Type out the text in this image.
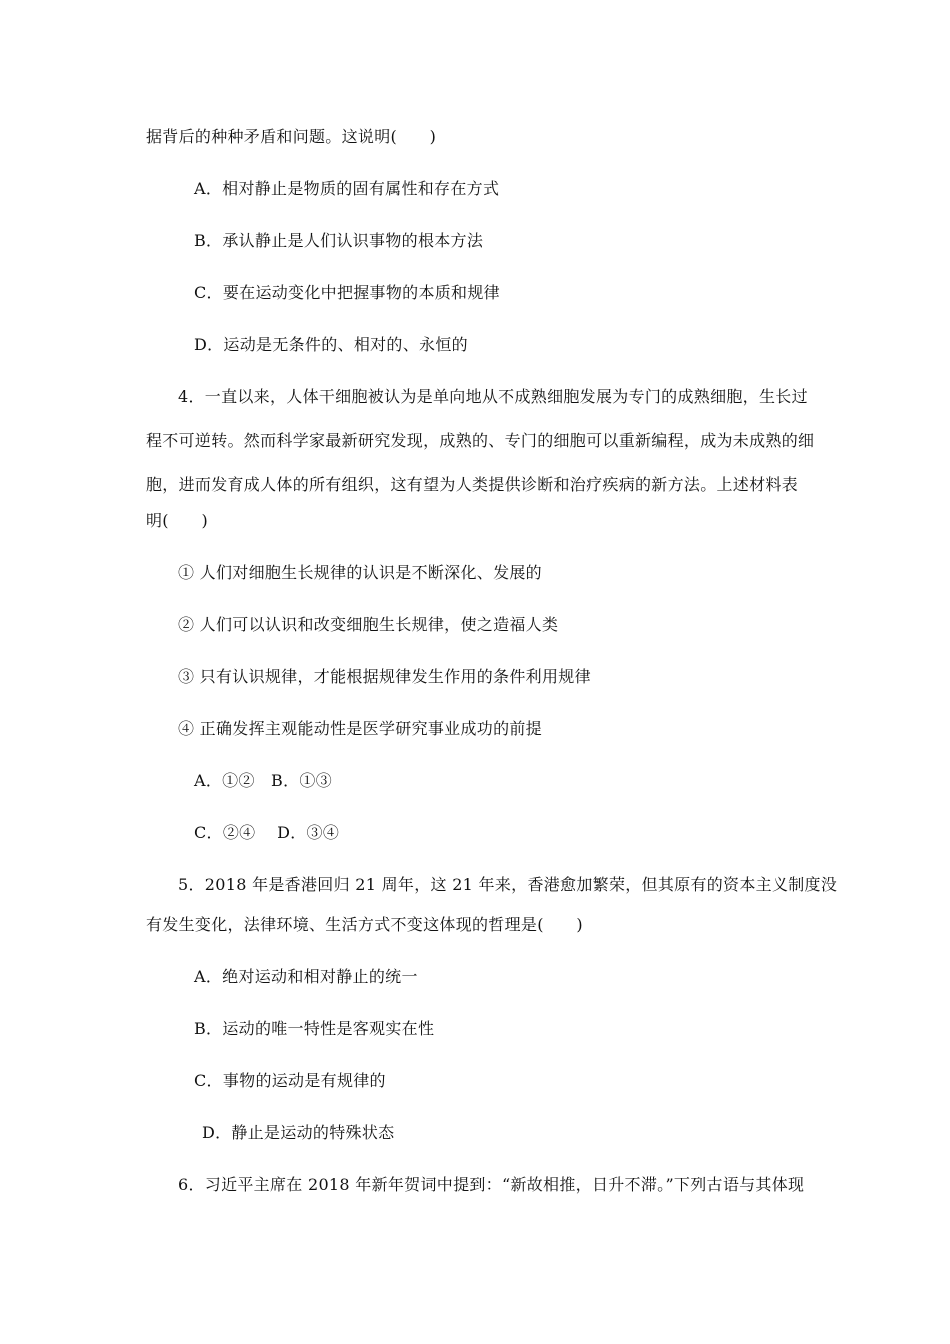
据背后的种种矛盾和问题。这说明(　　)
A．相对静止是物质的固有属性和存在方式
B．承认静止是人们认识事物的根本方法
C．要在运动变化中把握事物的本质和规律
D．运动是无条件的、相对的、永恒的
4．一直以来，人体干细胞被认为是单向地从不成熟细胞发展为专门的成熟细胞，生长过
程不可逆转。然而科学家最新研究发现，成熟的、专门的细胞可以重新编程，成为未成熟的细
胞，进而发育成人体的所有组织，这有望为人类提供诊断和治疗疾病的新方法。上述材料表
明(　　)
① 人们对细胞生长规律的认识是不断深化、发展的
② 人们可以认识和改变细胞生长规律，使之造福人类
③ 只有认识规律，才能根据规律发生作用的条件利用规律
④ 正确发挥主观能动性是医学研究事业成功的前提
A．①②　B．①③
C．②④　 D．③④
5．2018 年是香港回归 21 周年，这 21 年来，香港愈加繁荣，但其原有的资本主义制度没
有发生变化，法律环境、生活方式不变这体现的哲理是(　　)
A．绝对运动和相对静止的统一
B．运动的唯一特性是客观实在性
C．事物的运动是有规律的
D．静止是运动的特殊状态
6．习近平主席在 2018 年新年贺词中提到：“新故相推，日升不滞。”下列古语与其体现
